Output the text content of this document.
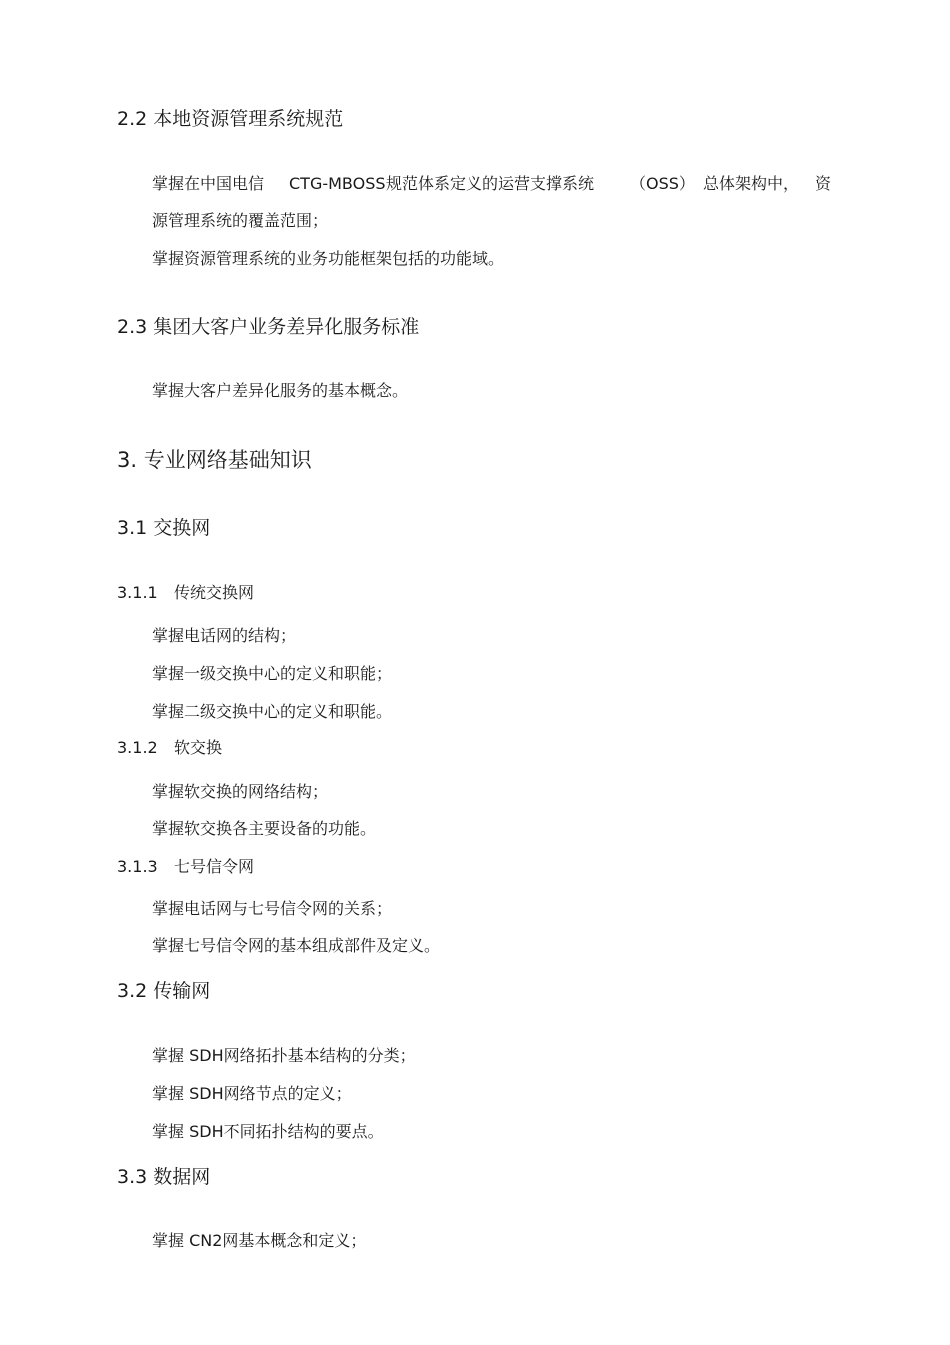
2.2 本地资源管理系统规范
掌握在中国电信 CTG-MBOSS 规范体系定义的运营支撑系统 （OSS） 总体架构中， 资
源管理系统的覆盖范围；
掌握资源管理系统的业务功能框架包括的功能域。
2.3 集团大客户业务差异化服务标准
掌握大客户差异化服务的基本概念。
3. 专业网络基础知识
3.1 交换网
3.1.1 传统交换网
掌握电话网的结构；
掌握一级交换中心的定义和职能；
掌握二级交换中心的定义和职能。
3.1.2 软交换
掌握软交换的网络结构；
掌握软交换各主要设备的功能。
3.1.3 七号信令网
掌握电话网与七号信令网的关系；
掌握七号信令网的基本组成部件及定义。
3.2 传输网
掌握 SDH网络拓扑基本结构的分类；
掌握 SDH网络节点的定义；
掌握 SDH不同拓扑结构的要点。
3.3 数据网
掌握 CN2网基本概念和定义；
